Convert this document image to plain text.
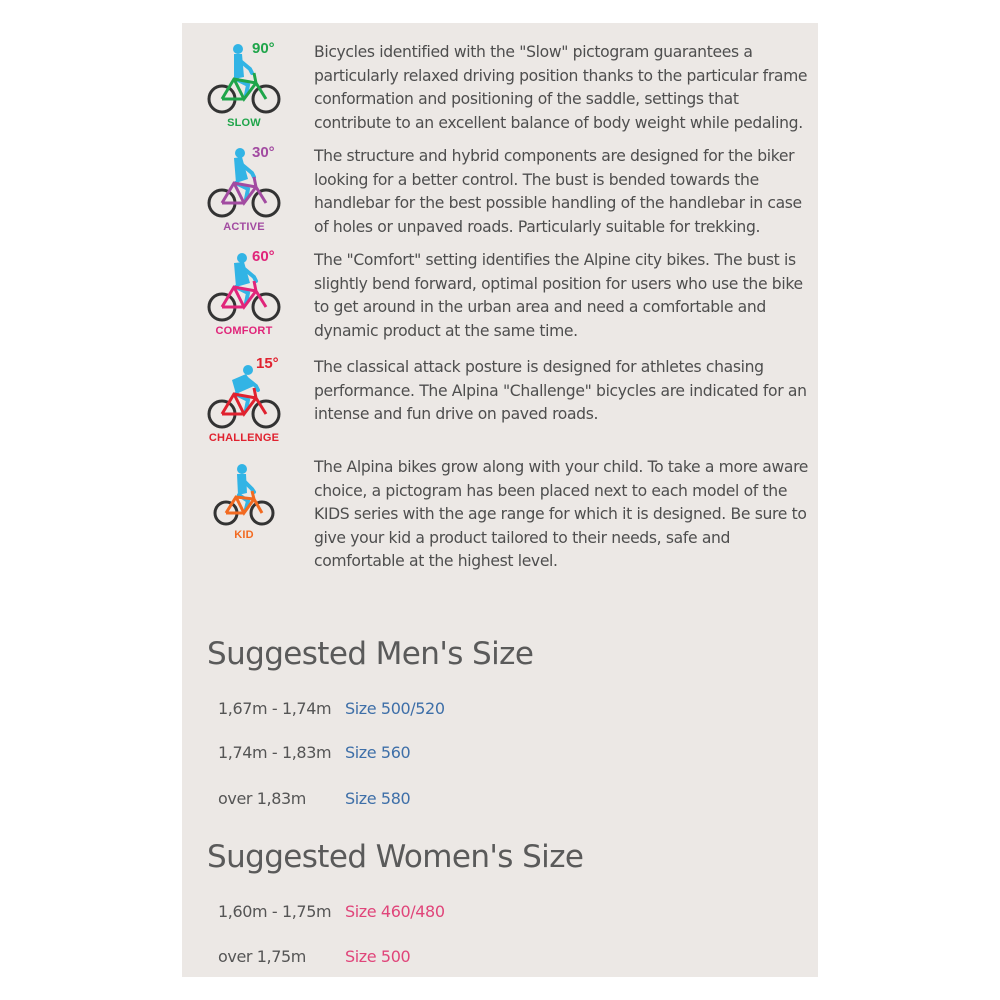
90°
SLOW
Bicycles identified with the "Slow" pictogram guarantees a particularly relaxed driving position thanks to the particular frame conformation and positioning of the saddle, settings that contribute to an excellent balance of body weight while pedaling.
30°
ACTIVE
The structure and hybrid components are designed for the biker looking for a better control. The bust is bended towards the handlebar for the best possible handling of the handlebar in case of holes or unpaved roads. Particularly suitable for trekking.
60°
COMFORT
The "Comfort" setting identifies the Alpine city bikes. The bust is slightly bend forward, optimal position for users who use the bike to get around in the urban area and need a comfortable and dynamic product at the same time.
15°
CHALLENGE
The classical attack posture is designed for athletes chasing performance. The Alpina "Challenge" bicycles are indicated for an intense and fun drive on paved roads.
KID
The Alpina bikes grow along with your child. To take a more aware choice, a pictogram has been placed next to each model of the KIDS series with the age range for which it is designed. Be sure to give your kid a product tailored to their needs, safe and comfortable at the highest level.
Suggested Men's Size
1,67m - 1,74m Size 500/520
1,74m - 1,83m Size 560
over 1,83m Size 580
Suggested Women's Size
1,60m - 1,75m Size 460/480
over 1,75m Size 500
